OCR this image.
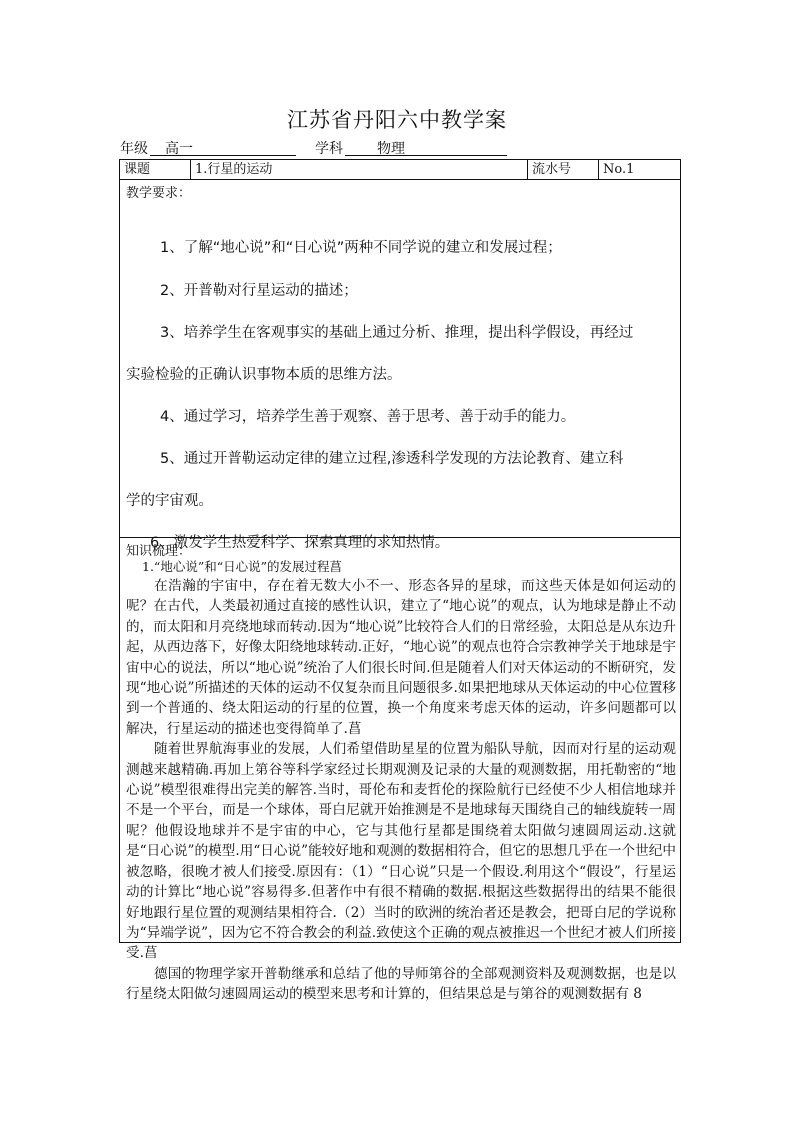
江苏省丹阳六中教学案
年级 高一	学科 物理
课题	1.行星的运动	流水号	No.1

教学要求：

1、了解“地心说”和“日心说”两种不同学说的建立和发展过程；

2、开普勒对行星运动的描述；

3、培养学生在客观事实的基础上通过分析、推理，提出科学假设，再经过

实验检验的正确认识事物本质的思维方法。

4、通过学习，培养学生善于观察、善于思考、善于动手的能力。

5、通过开普勒运动定律的建立过程,渗透科学发现的方法论教育、建立科

学的宇宙观。

6、激发学生热爱科学、探索真理的求知热情。

知识梳理：
1.“地心说”和“日心说”的发展过程菖

在浩瀚的宇宙中，存在着无数大小不一、形态各异的星球，而这些天体是如何运动的呢？在古代，人类最初通过直接的感性认识，建立了“地心说”的观点，认为地球是静止不动的，而太阳和月亮绕地球而转动.因为“地心说”比较符合人们的日常经验，太阳总是从东边升起，从西边落下，好像太阳绕地球转动.正好，“地心说”的观点也符合宗教神学关于地球是宇宙中心的说法，所以“地心说”统治了人们很长时间.但是随着人们对天体运动的不断研究，发现“地心说”所描述的天体的运动不仅复杂而且问题很多.如果把地球从天体运动的中心位置移到一个普通的、绕太阳运动的行星的位置，换一个角度来考虑天体的运动，许多问题都可以解决，行星运动的描述也变得简单了.菖

随着世界航海事业的发展，人们希望借助星星的位置为船队导航，因而对行星的运动观测越来越精确.再加上第谷等科学家经过长期观测及记录的大量的观测数据，用托勒密的“地心说”模型很难得出完美的解答.当时，哥伦布和麦哲伦的探险航行已经使不少人相信地球并不是一个平台，而是一个球体，哥白尼就开始推测是不是地球每天围绕自己的轴线旋转一周呢？他假设地球并不是宇宙的中心，它与其他行星都是围绕着太阳做匀速圆周运动.这就是“日心说”的模型.用“日心说”能较好地和观测的数据相符合，但它的思想几乎在一个世纪中被忽略，很晚才被人们接受.原因有：（1）“日心说”只是一个假设.利用这个“假设”，行星运动的计算比“地心说”容易得多.但著作中有很不精确的数据.根据这些数据得出的结果不能很好地跟行星位置的观测结果相符合.（2）当时的欧洲的统治者还是教会，把哥白尼的学说称为“异端学说”，因为它不符合教会的利益.致使这个正确的观点被推迟一个世纪才被人们所接受.菖

德国的物理学家开普勒继承和总结了他的导师第谷的全部观测资料及观测数据，也是以行星绕太阳做匀速圆周运动的模型来思考和计算的，但结果总是与第谷的观测数据有 8
